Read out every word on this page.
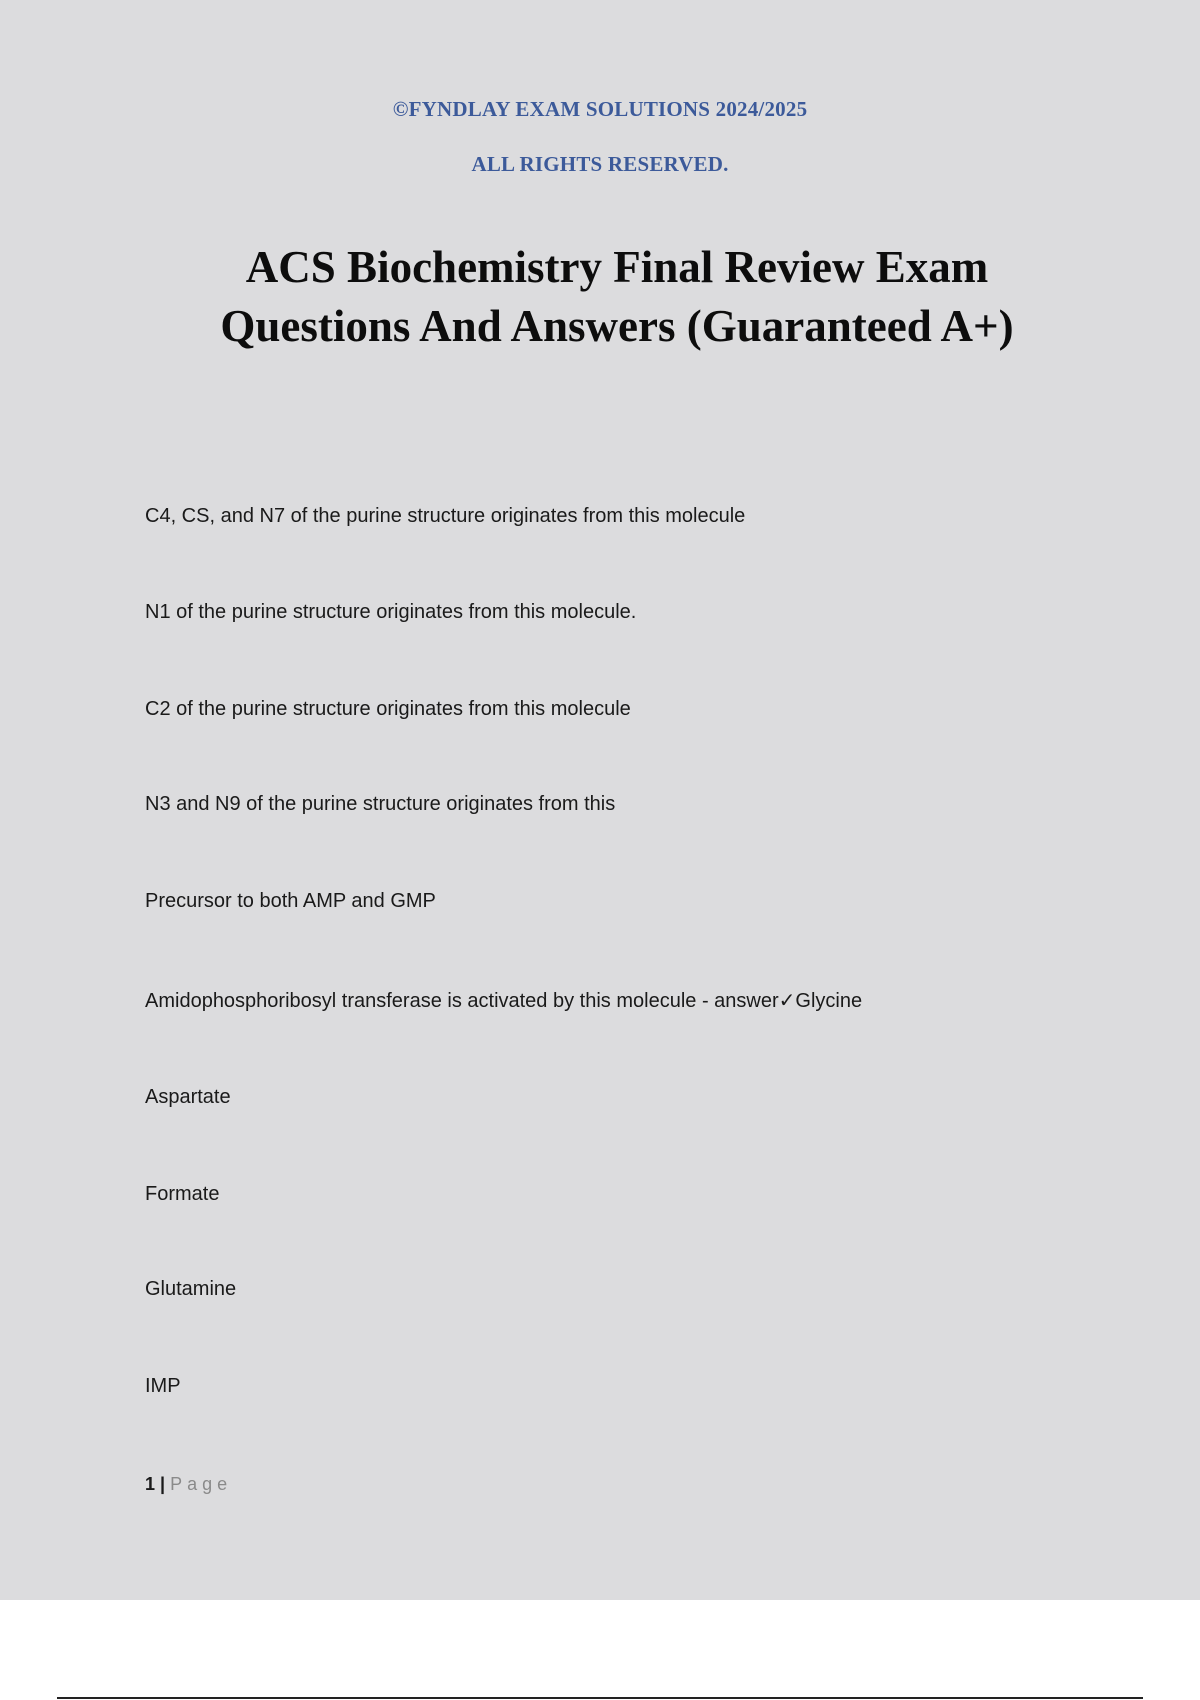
©FYNDLAY EXAM SOLUTIONS 2024/2025
ALL RIGHTS RESERVED.
ACS Biochemistry Final Review Exam
Questions And Answers (Guaranteed A+)
C4, CS, and N7 of the purine structure originates from this molecule
N1 of the purine structure originates from this molecule.
C2 of the purine structure originates from this molecule
N3 and N9 of the purine structure originates from this
Precursor to both AMP and GMP
Amidophosphoribosyl transferase is activated by this molecule - answer✓Glycine
Aspartate
Formate
Glutamine
IMP
1 | Page
